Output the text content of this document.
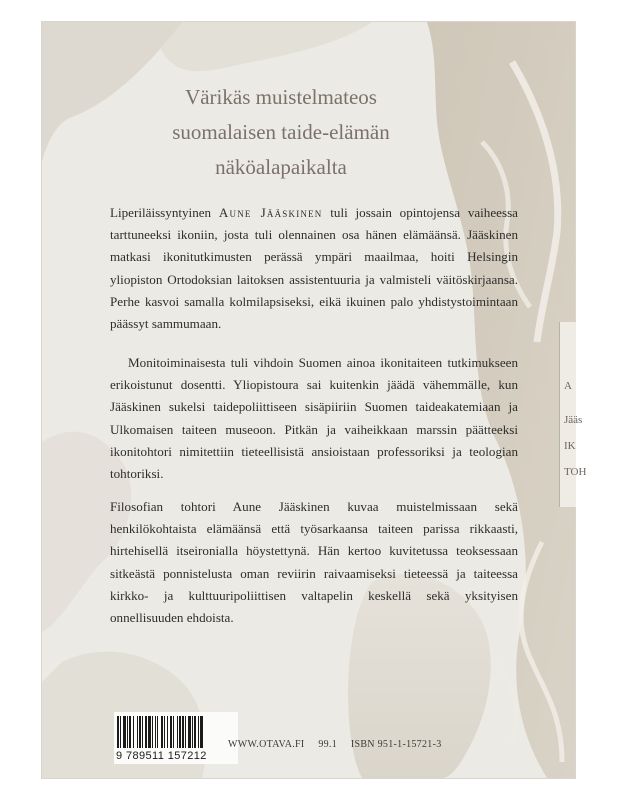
Värikäs muistelmateos
suomalaisen taide-elämän
näköalapaikalta

Liperiläissyntyinen Aune Jääskinen tuli jossain opintojensa vaiheessa tarttuneeksi ikoniin, josta tuli olennainen osa hänen elämäänsä. Jääskinen matkasi ikonitutkimusten perässä ympäri maailmaa, hoiti Helsingin yliopiston Ortodoksian laitoksen assistentuuria ja valmisteli väitöskirjaansa. Perhe kasvoi samalla kolmilapsiseksi, eikä ikuinen palo yhdistystoimintaan päässyt sammumaan.

Monitoiminaisesta tuli vihdoin Suomen ainoa ikonitaiteen tutkimukseen erikoistunut dosentti. Yliopistoura sai kuitenkin jäädä vähemmälle, kun Jääskinen sukelsi taidepoliittiseen sisäpiiriin Suomen taideakatemiaan ja Ulkomaisen taiteen museoon. Pitkän ja vaiheikkaan marssin päätteeksi ikonitohtori nimitettiin tieteellisistä ansioistaan professoriksi ja teologian tohtoriksi.

Filosofian tohtori Aune Jääskinen kuvaa muistelmissaan sekä henkilökohtaista elämäänsä että työsarkaansa taiteen parissa rikkaasti, hirtehisellä itseironialla höystettynä. Hän kertoo kuvitetussa teoksessaan sitkeästä ponnistelusta oman reviirin raivaamiseksi tieteessä ja taiteessa kirkko- ja kulttuuripoliittisen valtapelin keskellä sekä yksityisen onnellisuuden ehdoista.

9 789511 157212
WWW.OTAVA.FI 99.1 ISBN 951-1-15721-3
A
Jääs
IK
TOH
